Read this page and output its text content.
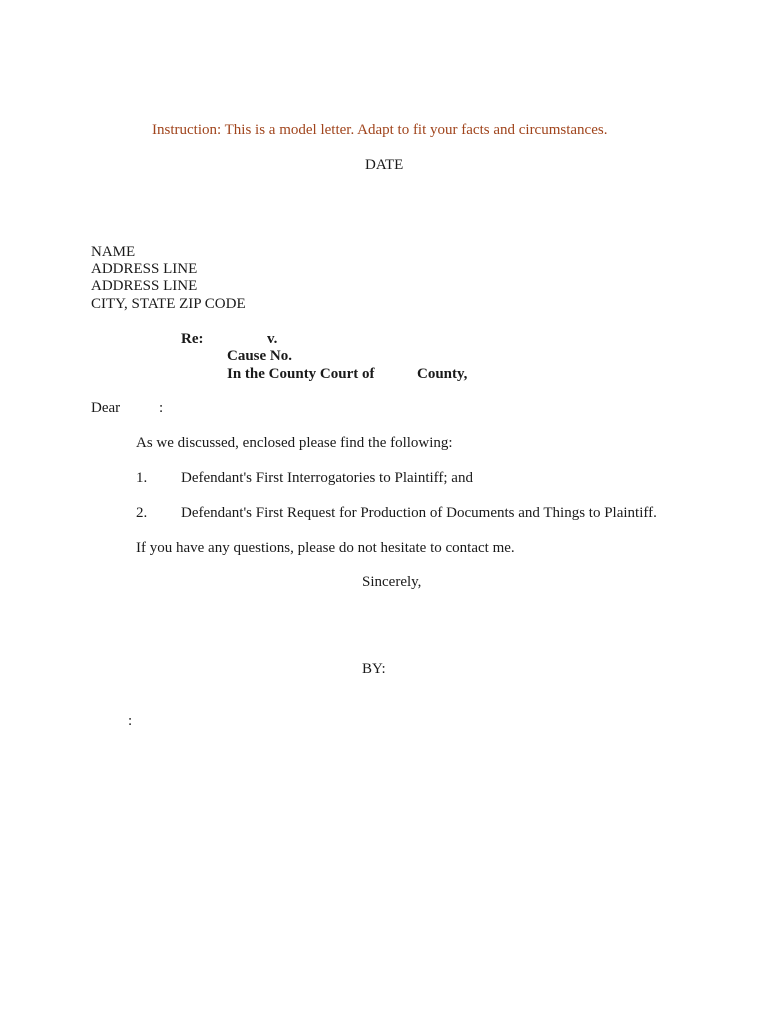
Instruction: This is a model letter. Adapt to fit your facts and circumstances.
DATE
NAME
ADDRESS LINE
ADDRESS LINE
CITY, STATE ZIP CODE
Re:	v.
Cause No.
In the County Court of	County,
Dear	:
As we discussed, enclosed please find the following:
1. Defendant's First Interrogatories to Plaintiff; and
2. Defendant's First Request for Production of Documents and Things to Plaintiff.
If you have any questions, please do not hesitate to contact me.
Sincerely,
BY:
:
